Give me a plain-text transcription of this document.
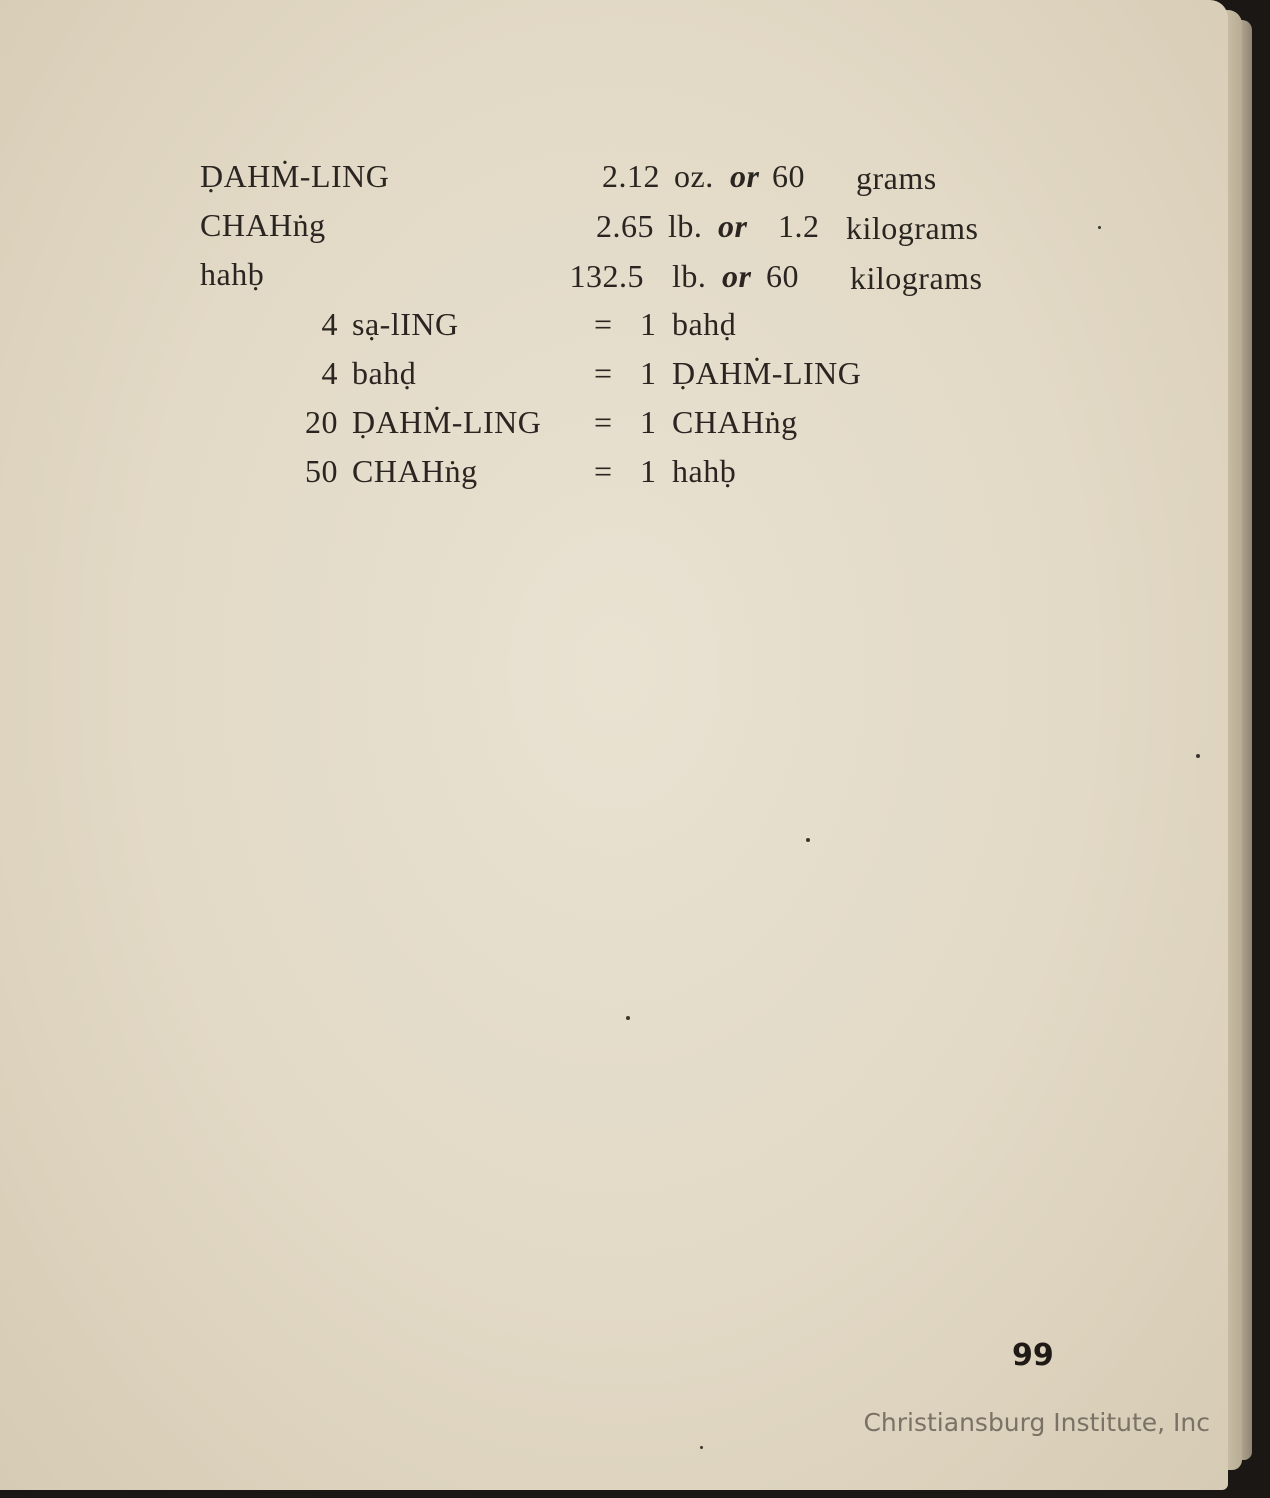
ḌAHṀ-LING	2.12 oz. or 60 grams
CHAHṅg	2.65 lb. or 1.2 kilograms
hahḅ	132.5 lb. or 60 kilograms
4 sạ-lING	= 1 bahḍ
4 bahḍ	= 1 ḌAHṀ-LING
20 ḌAHṀ-LING = 1 CHAHṅg
50 CHAHṅg	= 1 hahḅ
99
Christiansburg Institute, Inc
